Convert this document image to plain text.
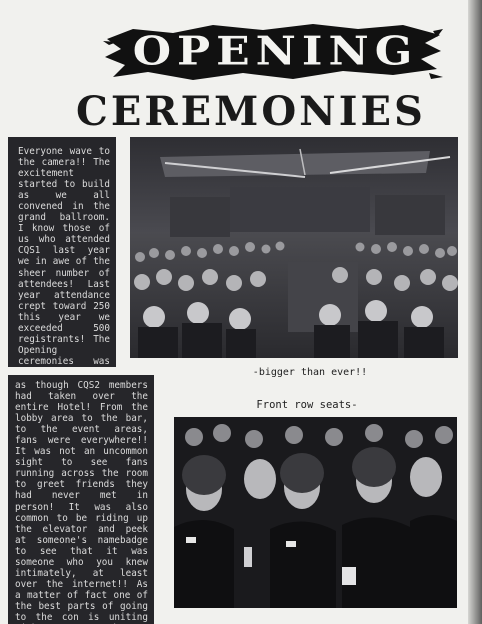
OPENING
CEREMONIES
Everyone wave to the camera!! The excitement started to build as we all convened in the grand ballroom. I know those of us who attended CQS1 last year we in awe of the sheer number of attendees! Last year attendance crept toward 250 this year we exceeded 500 registrants! The Opening ceremonies was
-bigger than ever!!
Front row seats-
as though CQS2 members had taken over the entire Hotel! From the lobby area to the bar, to the event areas, fans were everywhere!! It was not an uncommon sight to see fans running across the room to greet friends they had never met in person! It was also common to be riding up the elevator and peek at someone's namebadge to see that it was someone who you knew intimately, at least over the internet!! As a matter of fact one of the best parts of going to the con is uniting
